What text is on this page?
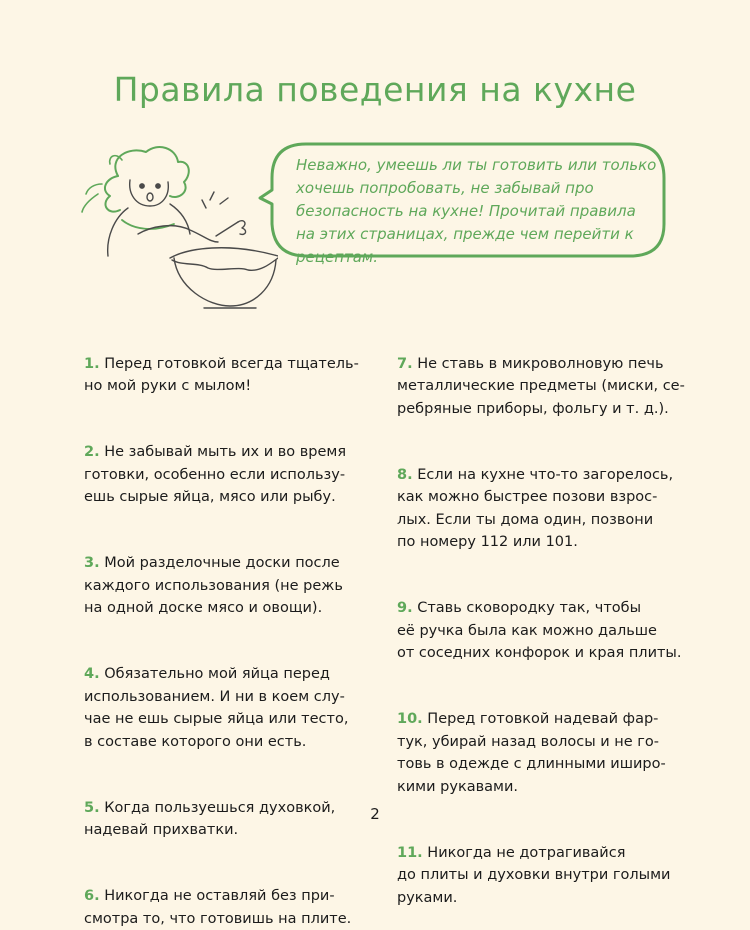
Правила поведения на кухне

Неважно, умеешь ли ты готовить или только хочешь попробовать, не забывай про безопасность на кухне! Прочитай правила на этих страницах, прежде чем перейти к рецептам.

1. Перед готовкой всегда тщатель-
но мой руки с мылом!

2. Не забывай мыть их и во время
готовки, особенно если использу-
ешь сырые яйца, мясо или рыбу.

3. Мой разделочные доски после
каждого использования (не режь
на одной доске мясо и овощи).

4. Обязательно мой яйца перед
использованием. И ни в коем слу-
чае не ешь сырые яйца или тесто,
в составе которого они есть.

5. Когда пользуешься духовкой,
надевай прихватки.

6. Никогда не оставляй без при-
смотра то, что готовишь на плите.

7. Не ставь в микроволновую печь
металлические предметы (миски, се-
ребряные приборы, фольгу и т. д.).

8. Если на кухне что-то загорелось,
как можно быстрее позови взрос-
лых. Если ты дома один, позвони
по номеру 112 или 101.

9. Ставь сковородку так, чтобы
её ручка была как можно дальше
от соседних конфорок и края плиты.

10. Перед готовкой надевай фар-
тук, убирай назад волосы и не го-
товь в одежде с длинными иширо-
кими рукавами.

11. Никогда не дотрагивайся
до плиты и духовки внутри голыми
руками.

2
